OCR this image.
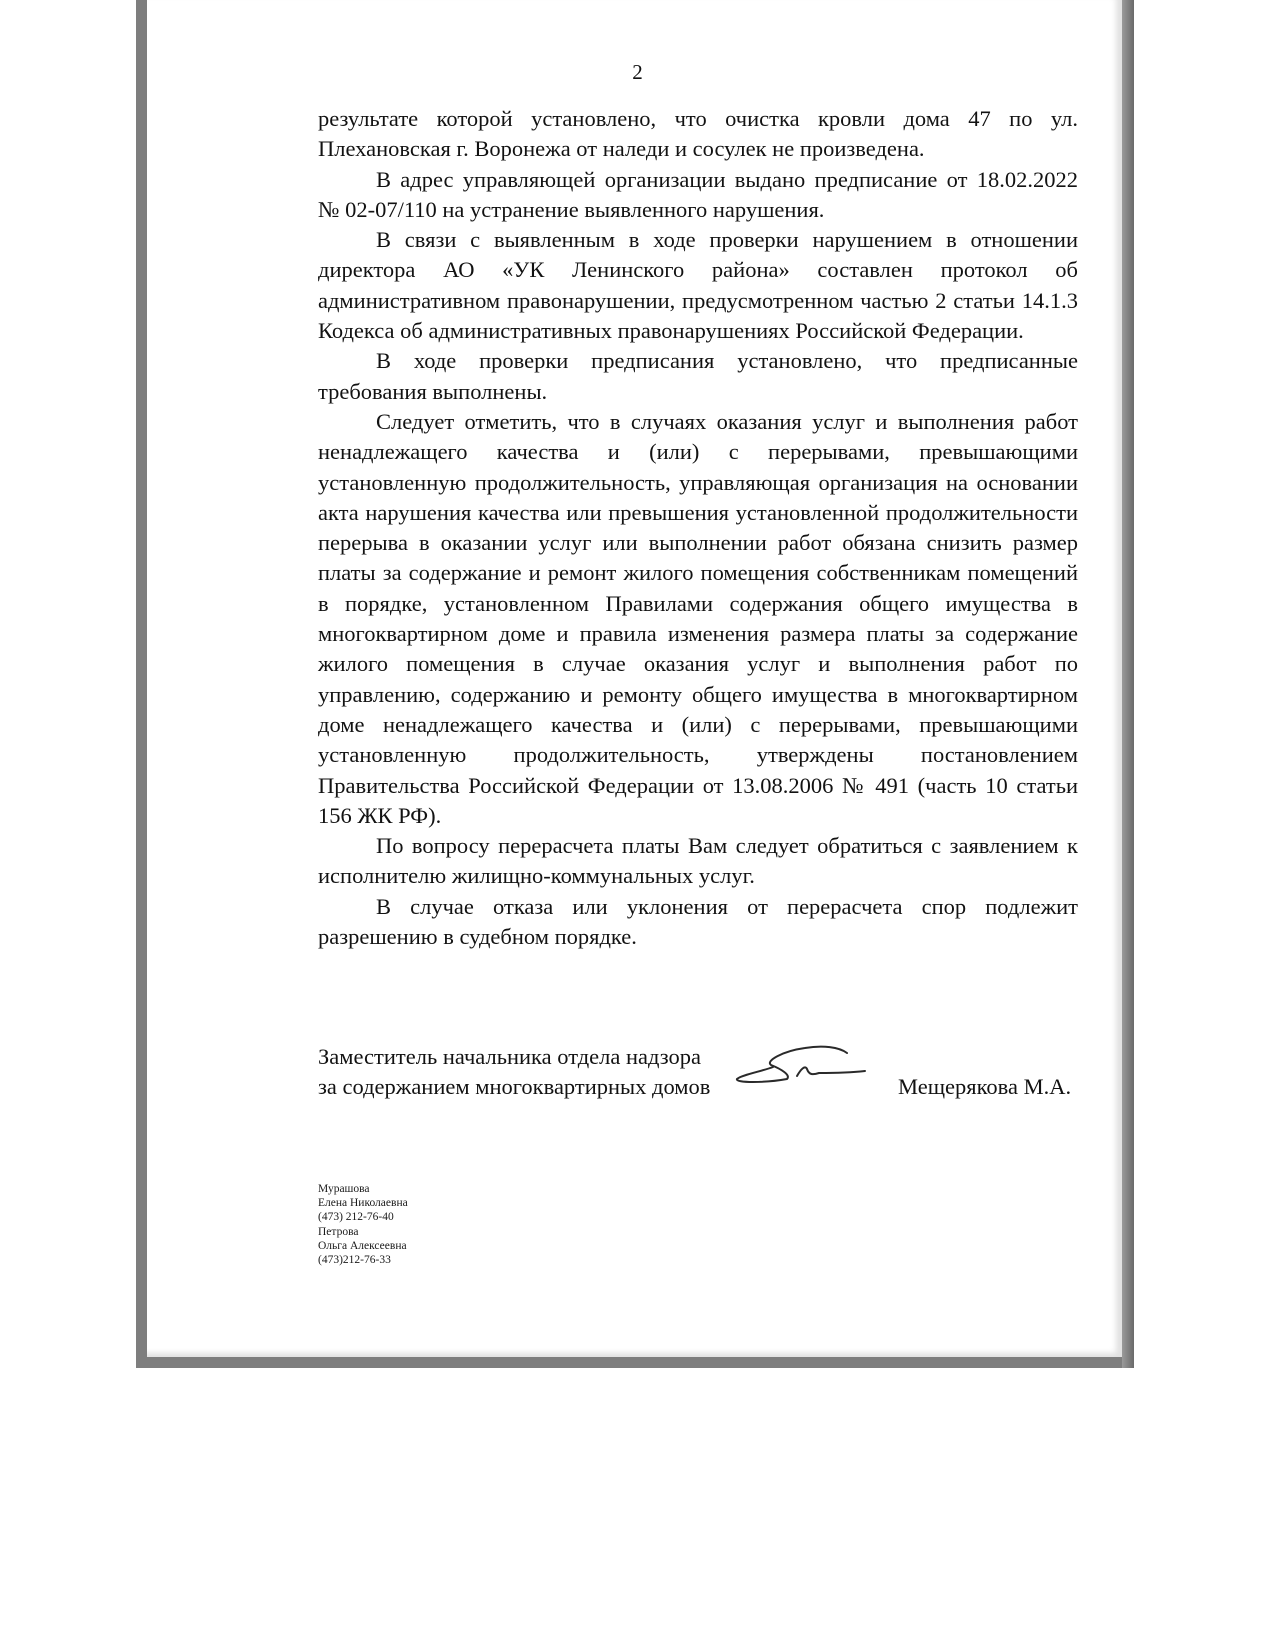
2

результате которой установлено, что очистка кровли дома 47 по ул. Плехановская г. Воронежа от наледи и сосулек не произведена.

В адрес управляющей организации выдано предписание от 18.02.2022 № 02-07/110 на устранение выявленного нарушения.

В связи с выявленным в ходе проверки нарушением в отношении директора АО «УК Ленинского района» составлен протокол об административном правонарушении, предусмотренном частью 2 статьи 14.1.3 Кодекса об административных правонарушениях Российской Федерации.

В ходе проверки предписания установлено, что предписанные требования выполнены.

Следует отметить, что в случаях оказания услуг и выполнения работ ненадлежащего качества и (или) с перерывами, превышающими установленную продолжительность, управляющая организация на основании акта нарушения качества или превышения установленной продолжительности перерыва в оказании услуг или выполнении работ обязана снизить размер платы за содержание и ремонт жилого помещения собственникам помещений в порядке, установленном Правилами содержания общего имущества в многоквартирном доме и правила изменения размера платы за содержание жилого помещения в случае оказания услуг и выполнения работ по управлению, содержанию и ремонту общего имущества в многоквартирном доме ненадлежащего качества и (или) с перерывами, превышающими установленную продолжительность, утверждены постановлением Правительства Российской Федерации от 13.08.2006 № 491 (часть 10 статьи 156 ЖК РФ).

По вопросу перерасчета платы Вам следует обратиться с заявлением к исполнителю жилищно-коммунальных услуг.

В случае отказа или уклонения от перерасчета спор подлежит разрешению в судебном порядке.

Заместитель начальника отдела надзора
за содержанием многоквартирных домов	Мещерякова М.А.
Мурашова
Елена Николаевна
(473) 212-76-40
Петрова
Ольга Алексеевна
(473)212-76-33
